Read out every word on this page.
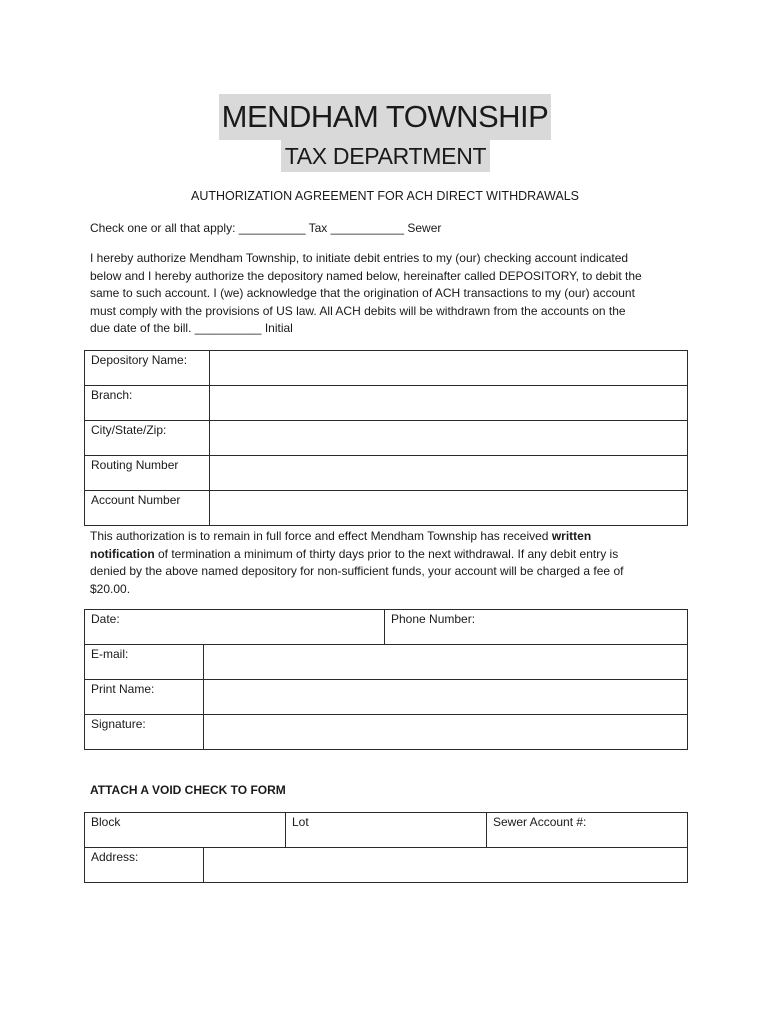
MENDHAM TOWNSHIP
TAX DEPARTMENT
AUTHORIZATION AGREEMENT FOR ACH DIRECT WITHDRAWALS
Check one or all that apply: __________ Tax ___________ Sewer
I hereby authorize Mendham Township, to initiate debit entries to my (our) checking account indicated
below and I hereby authorize the depository named below, hereinafter called DEPOSITORY, to debit the
same to such account. I (we) acknowledge that the origination of ACH transactions to my (our) account
must comply with the provisions of US law. All ACH debits will be withdrawn from the accounts on the
due date of the bill. __________ Initial
Depository Name:	

Branch:	

City/State/Zip:	

Routing Number	

Account Number	

This authorization is to remain in full force and effect Mendham Township has received written
notification of termination a minimum of thirty days prior to the next withdrawal. If any debit entry is
denied by the above named depository for non-sufficient funds, your account will be charged a fee of
$20.00.
Date:		Phone Number:

E-mail:		

Print Name:		

Signature:		

ATTACH A VOID CHECK TO FORM
Block		Lot	Sewer Account #:

Address:			
